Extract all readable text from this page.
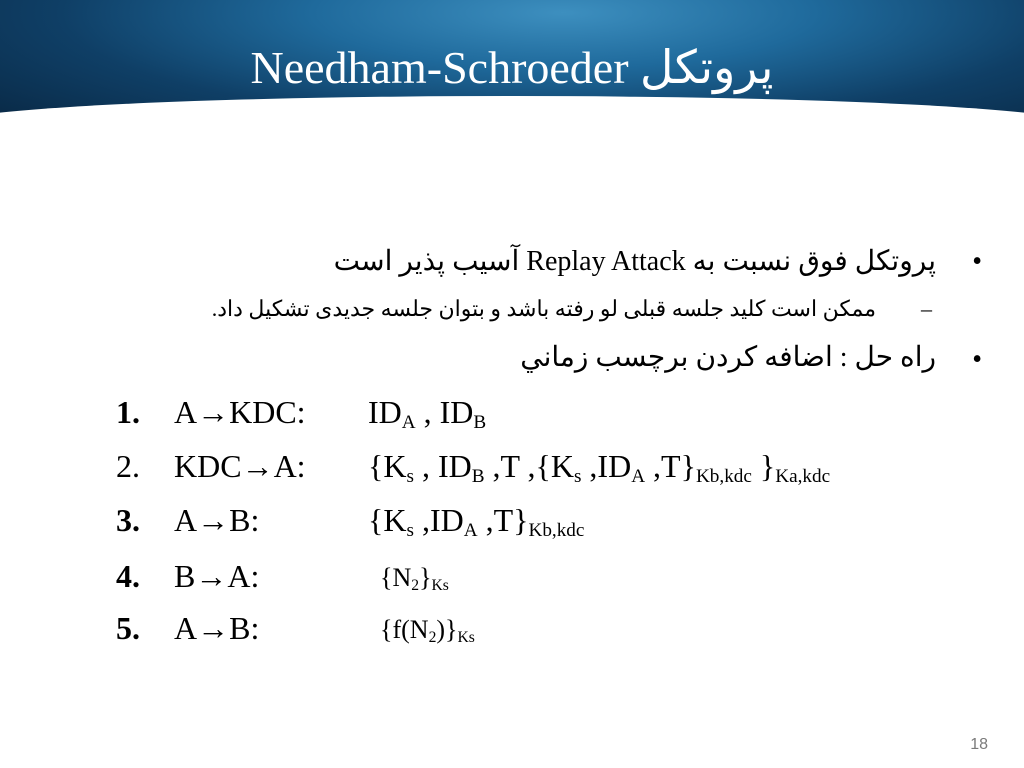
Needham-Schroeder پروتکل
•
پروتکل فوق نسبت به Replay Attack آسیب پذیر است
–
ممکن است کلید جلسه قبلی لو رفته باشد و بتوان جلسه جدیدی تشکیل داد.
•
راه حل : اضافه کردن برچسب زماني
1. A→KDC: $ID_A$ , $ID_B$
2. KDC→A: {$K_s$ , $ID_B$ ,T $,\{K_s$ $,ID_A$ $,T\}_{Kb,kdc}$ }$_{Ka,kdc}$
3. A→B:	{$K_s$ $,ID_A$ $,T\}_{Kb,kdc}$
4. B→A:	$\{N_2\}_{Ks}$
5. A→B:	$\{f(N_2)\}_{Ks}$
18
